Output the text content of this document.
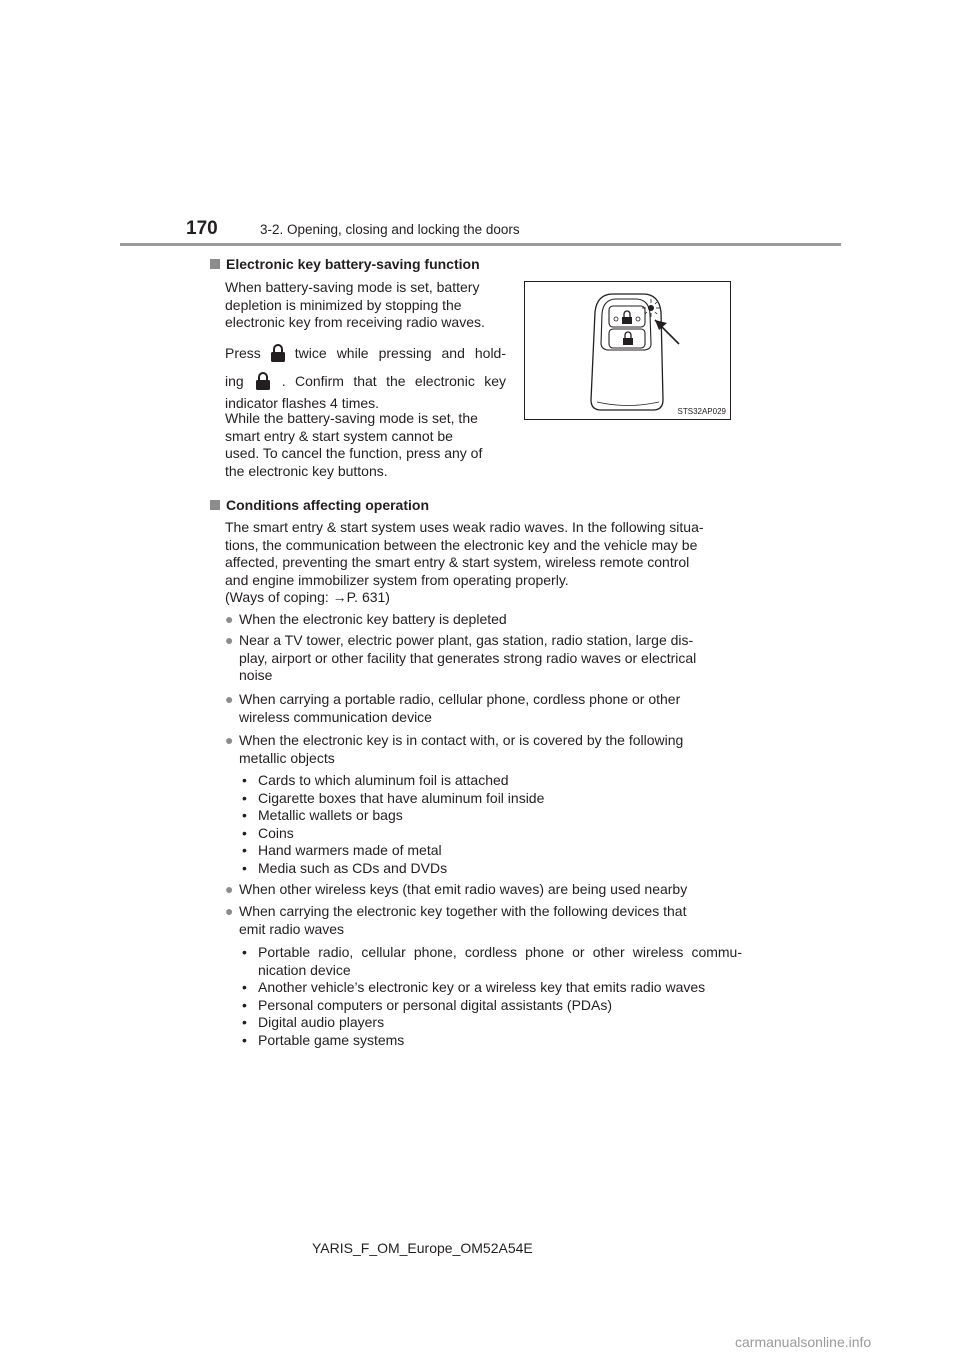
170	3-2. Opening, closing and locking the doors
Electronic key battery-saving function
When battery-saving mode is set, battery
depletion is minimized by stopping the
electronic key from receiving radio waves.
Press twice while pressing and hold-
ing	. Confirm that the electronic key
indicator flashes 4 times.
While the battery-saving mode is set, the
smart entry & start system cannot be
used. To cancel the function, press any of
the electronic key buttons.
STS32AP029
Conditions affecting operation
The smart entry & start system uses weak radio waves. In the following situa-
tions, the communication between the electronic key and the vehicle may be
affected, preventing the smart entry & start system, wireless remote control
and engine immobilizer system from operating properly.
(Ways of coping: →P. 631)
● When the electronic key battery is depleted
● Near a TV tower, electric power plant, gas station, radio station, large dis-
play, airport or other facility that generates strong radio waves or electrical
noise
● When carrying a portable radio, cellular phone, cordless phone or other
wireless communication device
● When the electronic key is in contact with, or is covered by the following
metallic objects
• Cards to which aluminum foil is attached
• Cigarette boxes that have aluminum foil inside
• Metallic wallets or bags
• Coins
• Hand warmers made of metal
• Media such as CDs and DVDs
● When other wireless keys (that emit radio waves) are being used nearby
● When carrying the electronic key together with the following devices that
emit radio waves
• Portable radio, cellular phone, cordless phone or other wireless commu-
nication device
• Another vehicle’s electronic key or a wireless key that emits radio waves
• Personal computers or personal digital assistants (PDAs)
• Digital audio players
• Portable game systems
YARIS_F_OM_Europe_OM52A54E
carmanualsonline.info
